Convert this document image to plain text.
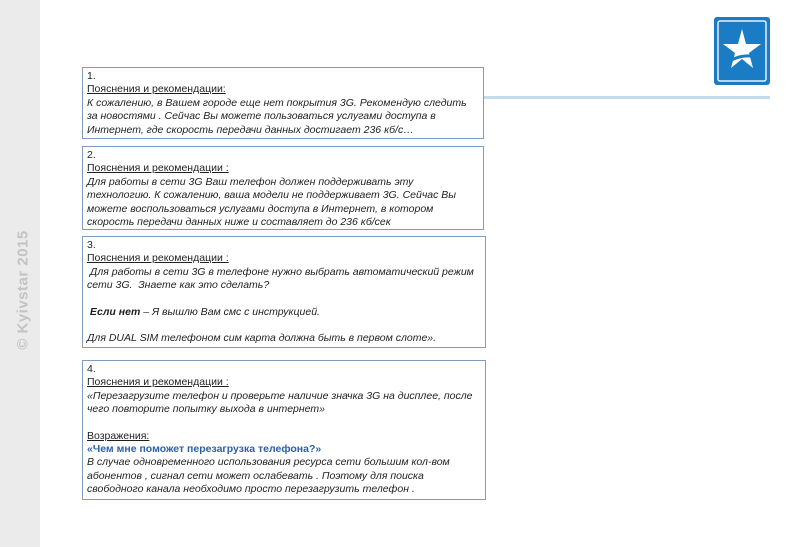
© Kyivstar 2015
1.
Пояснения и рекомендации:
К сожалению, в Вашем городе еще нет покрытия 3G. Рекомендую следить за новостями . Сейчас Вы можете пользоваться услугами доступа в Интернет, где скорость передачи данных достигает 236 кб/с…
2.
Пояснения и рекомендации :
Для работы в сети 3G Ваш телефон должен поддерживать эту технологию. К сожалению, ваша модели не поддерживает 3G. Сейчас Вы можете воспользоваться услугами доступа в Интернет, в котором скорость передачи данных ниже и составляет до 236 кб/сек
3.
Пояснения и рекомендации :
Для работы в сети 3G в телефоне нужно выбрать автоматический режим сети 3G.  Знаете как это сделать?
Если нет – Я вышлю Вам смс с инструкцией.
Для DUAL SIM телефоном сим карта должна быть в первом слоте».
4.
Пояснения и рекомендации :
«Перезагрузите телефон и проверьте наличие значка 3G на дисплее, после чего повторите попытку выхода в интернет»
Возражения:
«Чем мне поможет перезагрузка телефона?»
В случае одновременного использования ресурса сети большим кол-вом абонентов , сигнал сети может ослабевать . Поэтому для поиска свободного канала необходимо просто перезагрузить телефон .
